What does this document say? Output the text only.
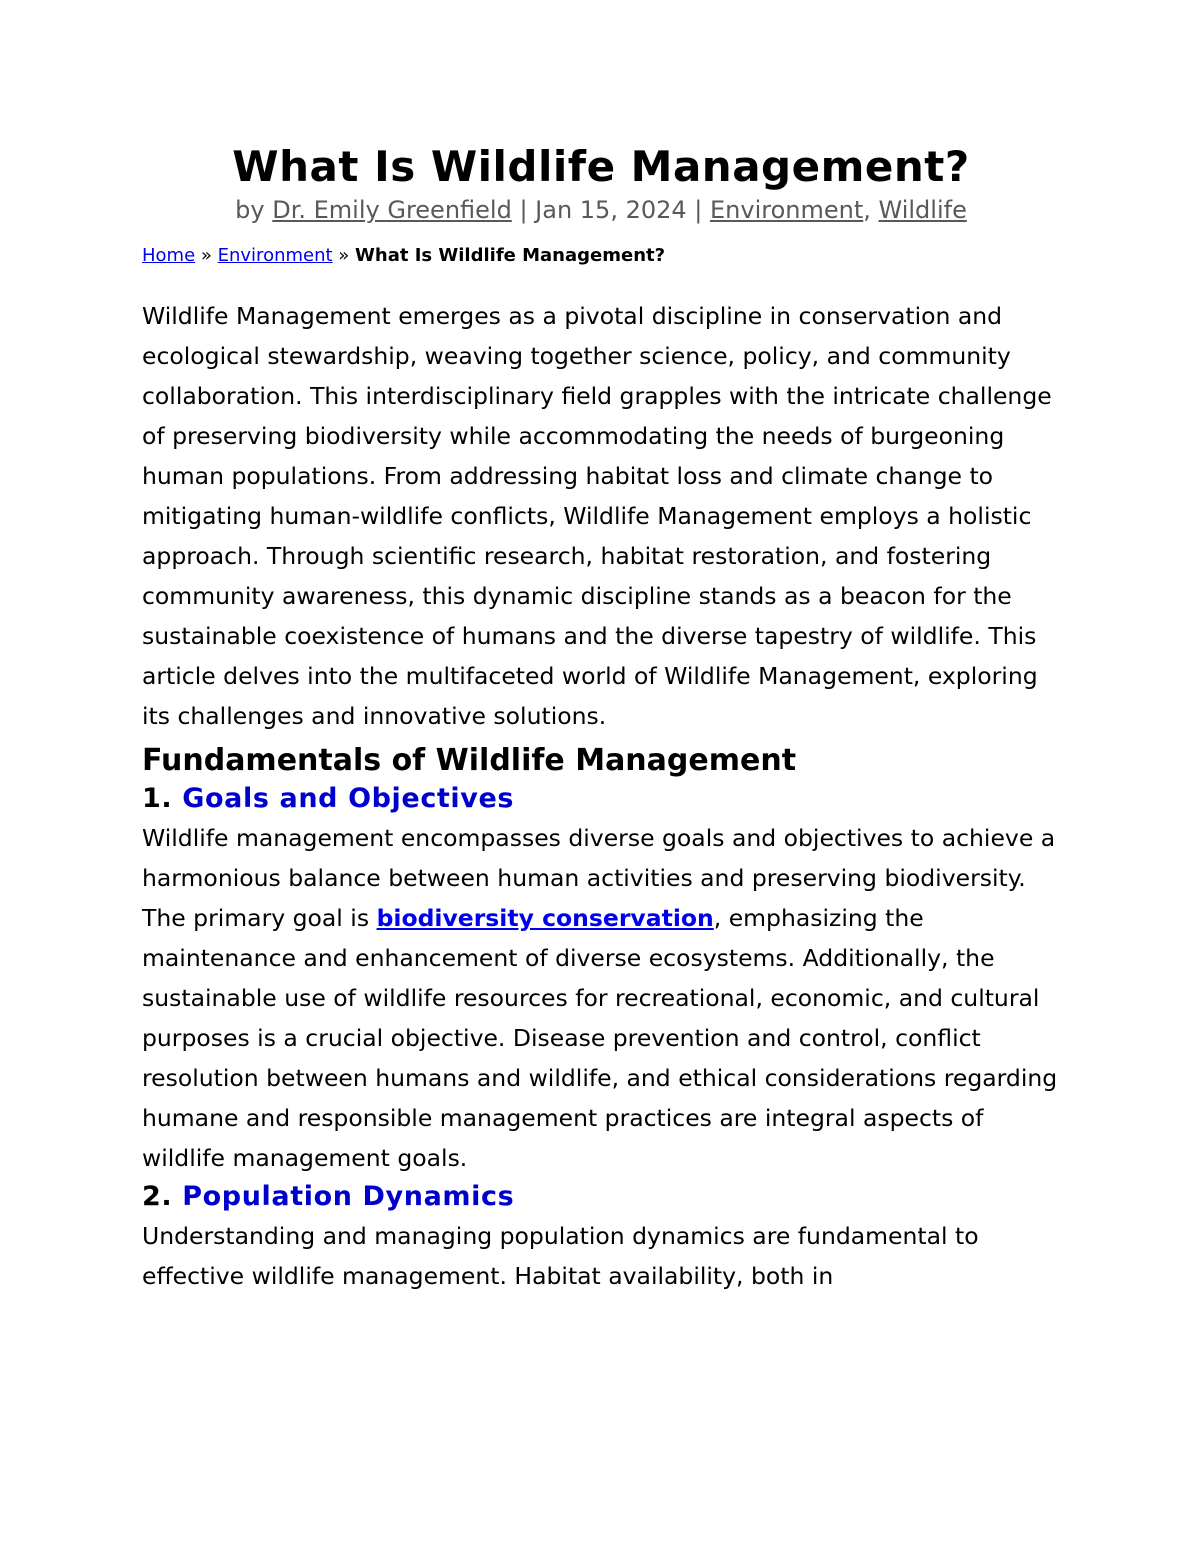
What Is Wildlife Management?

by Dr. Emily Greenfield | Jan 15, 2024 | Environment, Wildlife

Home » Environment » What Is Wildlife Management?

Wildlife Management emerges as a pivotal discipline in conservation and ecological stewardship, weaving together science, policy, and community collaboration. This interdisciplinary field grapples with the intricate challenge of preserving biodiversity while accommodating the needs of burgeoning human populations. From addressing habitat loss and climate change to mitigating human-wildlife conflicts, Wildlife Management employs a holistic approach. Through scientific research, habitat restoration, and fostering community awareness, this dynamic discipline stands as a beacon for the sustainable coexistence of humans and the diverse tapestry of wildlife. This article delves into the multifaceted world of Wildlife Management, exploring its challenges and innovative solutions.

Fundamentals of Wildlife Management
1. Goals and Objectives

Wildlife management encompasses diverse goals and objectives to achieve a harmonious balance between human activities and preserving biodiversity. The primary goal is biodiversity conservation, emphasizing the maintenance and enhancement of diverse ecosystems. Additionally, the sustainable use of wildlife resources for recreational, economic, and cultural purposes is a crucial objective. Disease prevention and control, conflict resolution between humans and wildlife, and ethical considerations regarding humane and responsible management practices are integral aspects of wildlife management goals.

2. Population Dynamics

Understanding and managing population dynamics are fundamental to effective wildlife management. Habitat availability, both in
